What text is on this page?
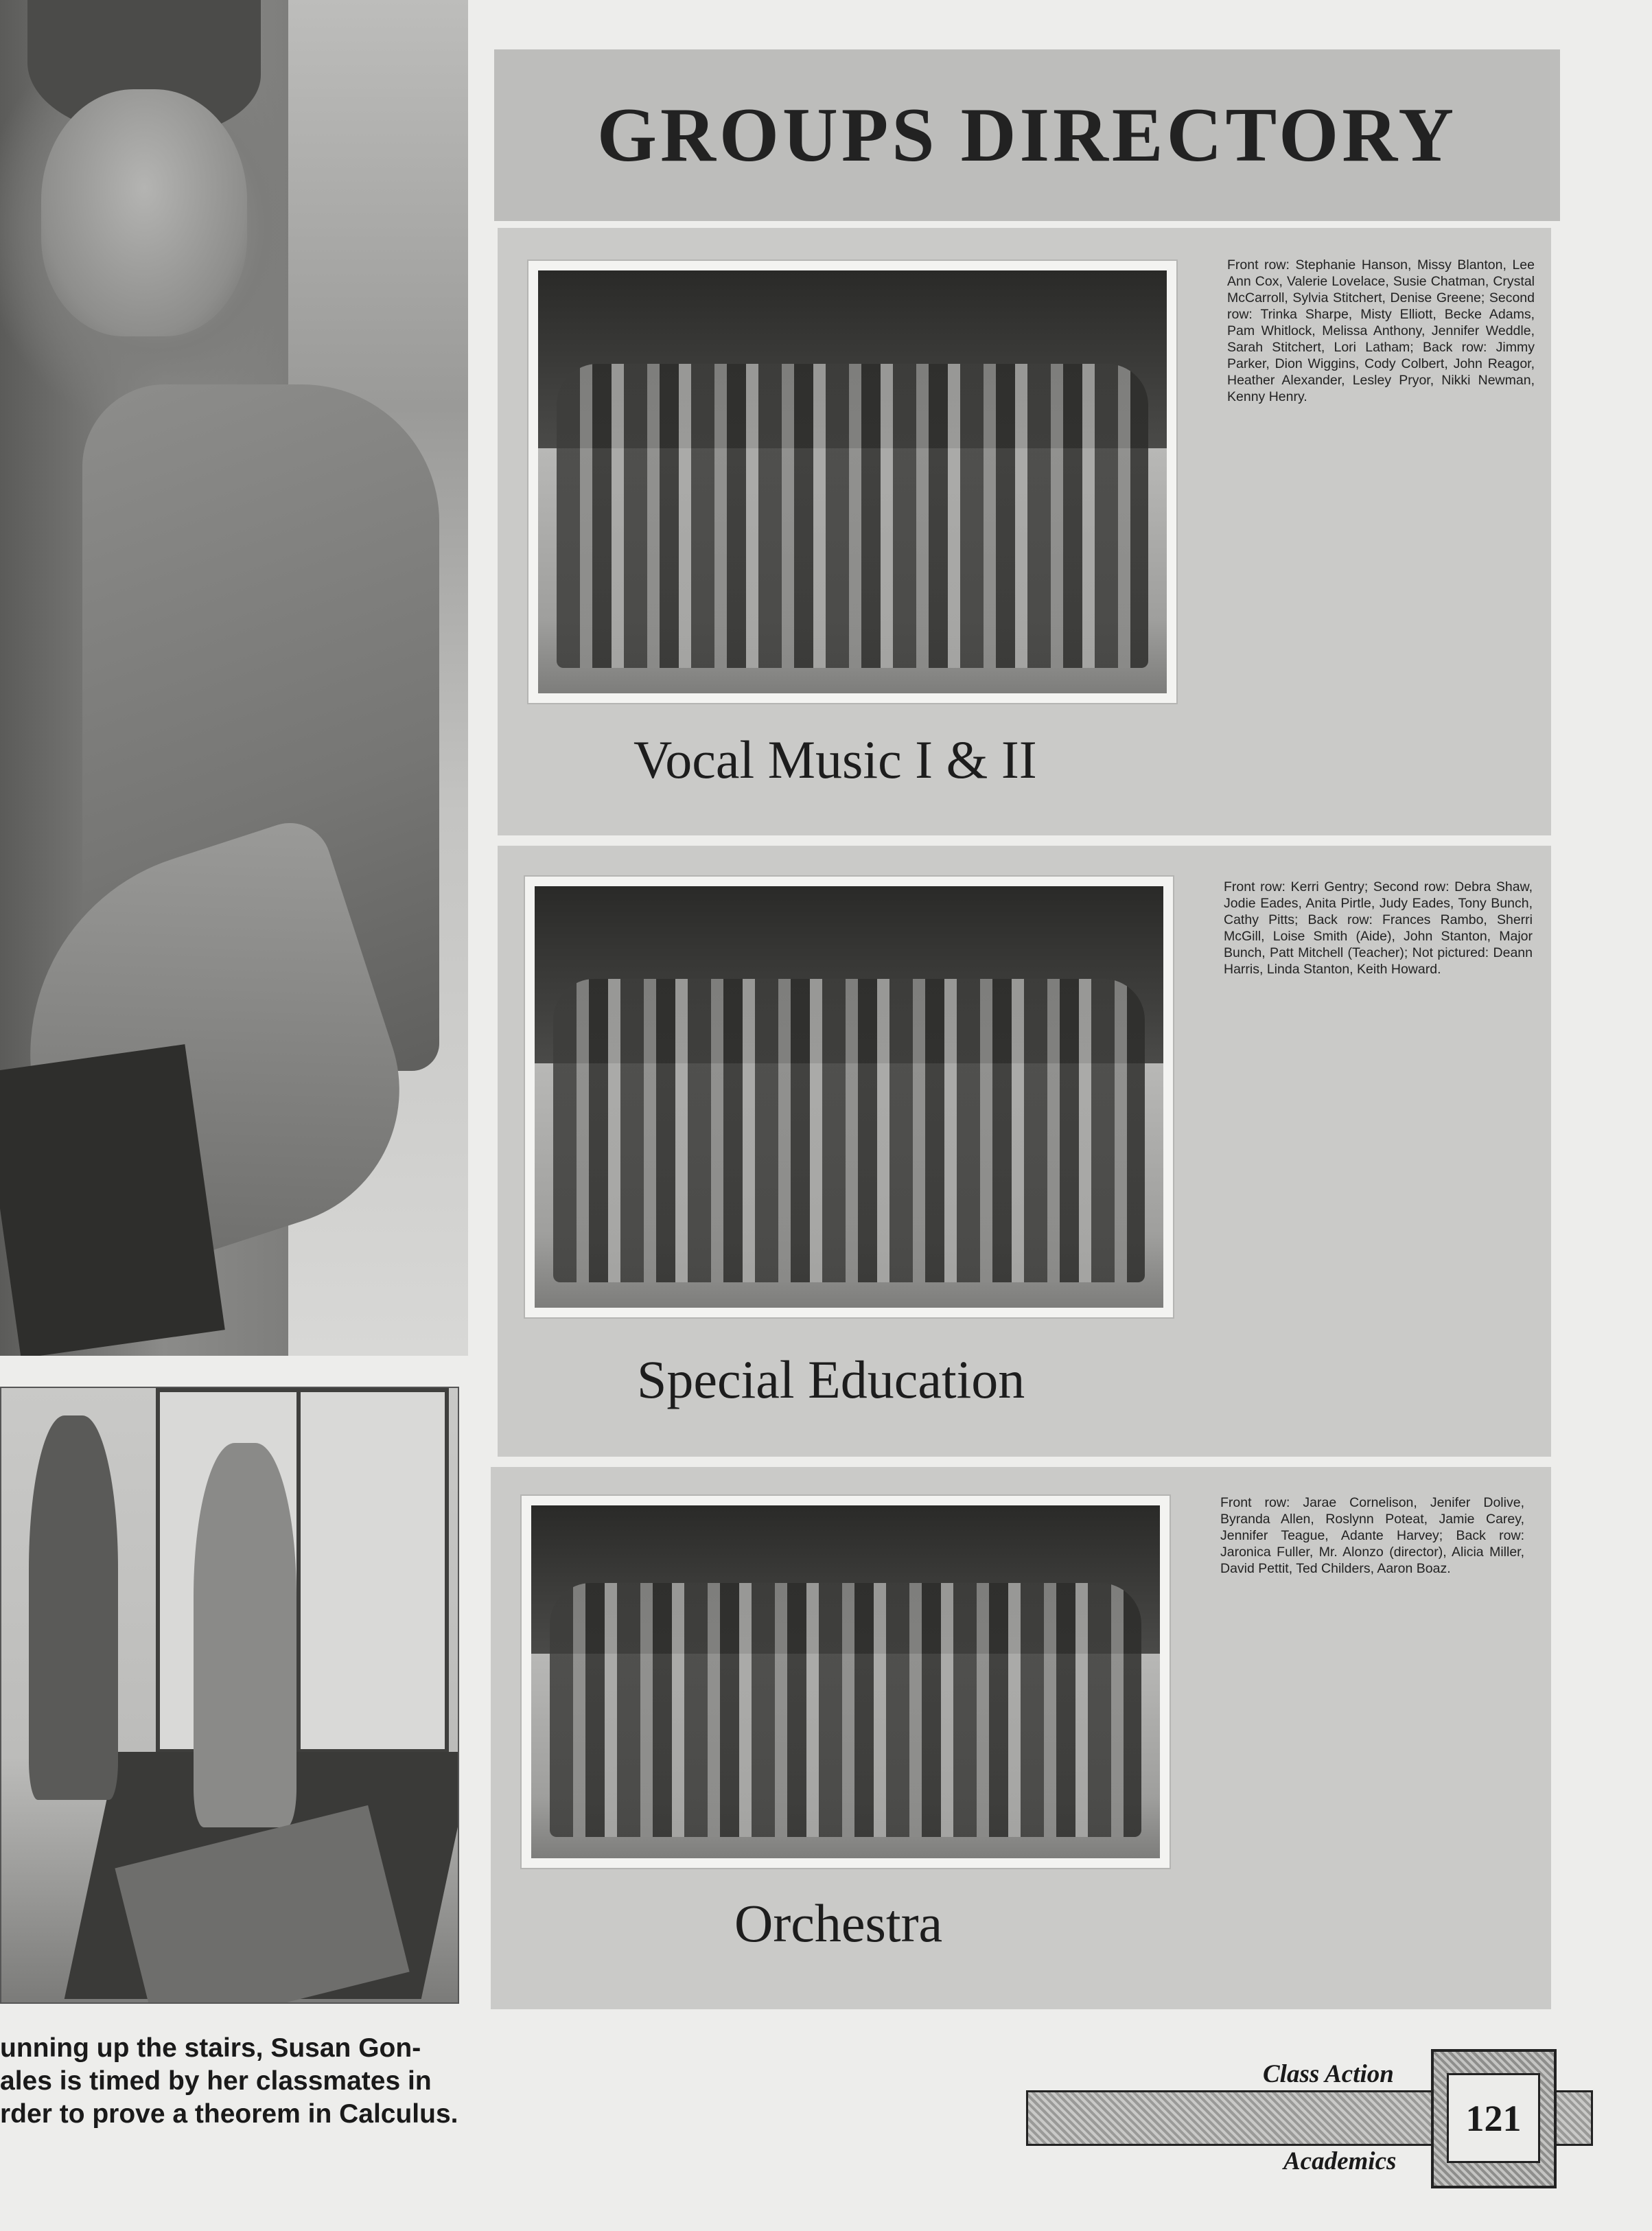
unning up the stairs, Susan Gon-
ales is timed by her classmates in
rder to prove a theorem in Calculus.
GROUPS DIRECTORY
Front row: Stephanie Hanson, Missy Blanton, Lee Ann Cox, Valerie Lovelace, Susie Chatman, Crystal McCarroll, Sylvia Stitchert, Denise Greene; Second row: Trinka Sharpe, Misty Elliott, Becke Adams, Pam Whitlock, Melissa Anthony, Jennifer Weddle, Sarah Stitchert, Lori Latham; Back row: Jimmy Parker, Dion Wiggins, Cody Colbert, John Reagor, Heather Alexander, Lesley Pryor, Nikki Newman, Kenny Henry.
Vocal Music I & II
Front row: Kerri Gentry; Second row: Debra Shaw, Jodie Eades, Anita Pirtle, Judy Eades, Tony Bunch, Cathy Pitts; Back row: Frances Rambo, Sherri McGill, Loise Smith (Aide), John Stanton, Major Bunch, Patt Mitchell (Teacher); Not pictured: Deann Harris, Linda Stanton, Keith Howard.
Special Education
Front row: Jarae Cornelison, Jenifer Dolive, Byranda Allen, Roslynn Poteat, Jamie Carey, Jennifer Teague, Adante Harvey; Back row: Jaronica Fuller, Mr. Alonzo (director), Alicia Miller, David Pettit, Ted Childers, Aaron Boaz.
Orchestra
121
Class Action
Academics
